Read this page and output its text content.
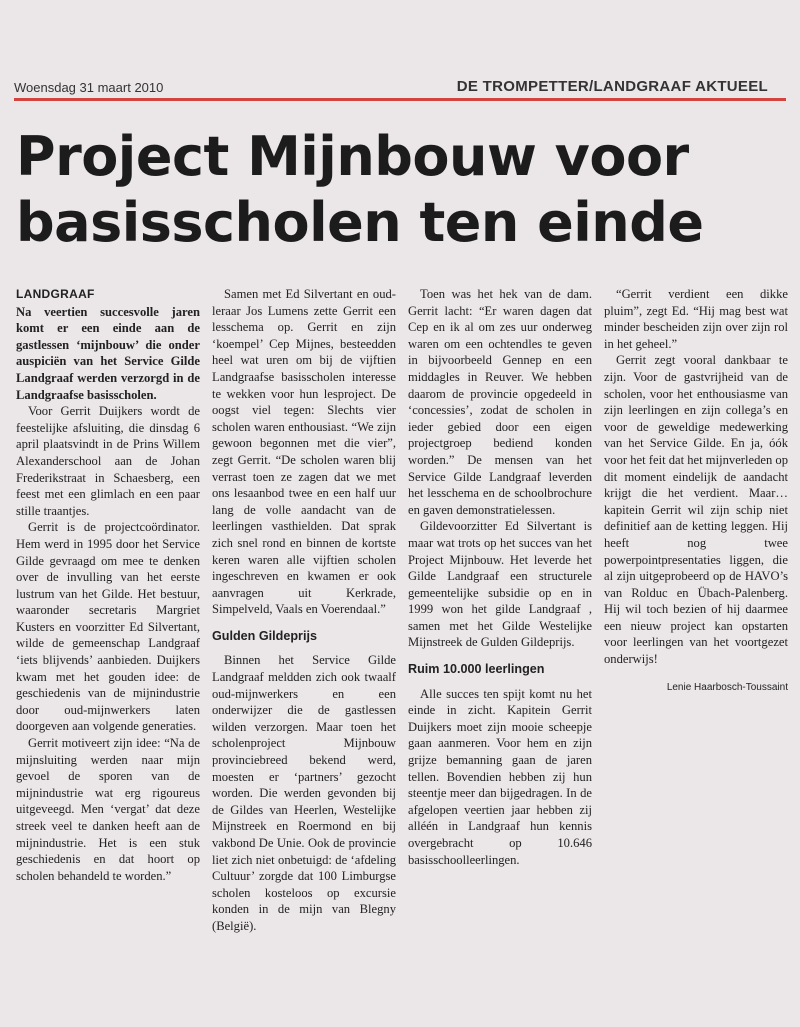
Woensdag 31 maart 2010	DE TROMPETTER/LANDGRAAF AKTUEEL
Project Mijnbouw voor basisscholen ten einde
LANDGRAAF

Na veertien succesvolle jaren komt er een einde aan de gastlessen ‘mijnbouw’ die onder auspiciën van het Service Gilde Landgraaf werden verzorgd in de Landgraafse basisscholen.

Voor Gerrit Duijkers wordt de feestelijke afsluiting, die dinsdag 6 april plaatsvindt in de Prins Willem Alexanderschool aan de Johan Frederikstraat in Schaesberg, een feest met een glimlach en een paar stille traantjes.

Gerrit is de projectcoördinator. Hem werd in 1995 door het Service Gilde gevraagd om mee te denken over de invulling van het eerste lustrum van het Gilde. Het bestuur, waaronder secretaris Margriet Kusters en voorzitter Ed Silvertant, wilde de gemeenschap Landgraaf ‘iets blijvends’ aanbieden. Duijkers kwam met het gouden idee: de geschiedenis van de mijnindustrie door oud-mijnwerkers laten doorgeven aan volgende generaties.

Gerrit motiveert zijn idee: “Na de mijnsluiting werden naar mijn gevoel de sporen van de mijnindustrie wat erg rigoureus uitgeveegd. Men ‘vergat’ dat deze streek veel te danken heeft aan de mijnindustrie. Het is een stuk geschiedenis en dat hoort op scholen behandeld te worden.”

Samen met Ed Silvertant en oud-leraar Jos Lumens zette Gerrit een lesschema op. Gerrit en zijn ‘koempel’ Cep Mijnes, besteedden heel wat uren om bij de vijftien Landgraafse basisscholen interesse te wekken voor hun lesproject. De oogst viel tegen: Slechts vier scholen waren enthousiast. “We zijn gewoon begonnen met die vier”, zegt Gerrit. “De scholen waren blij verrast toen ze zagen dat we met ons lesaanbod twee en een half uur lang de volle aandacht van de leerlingen vasthielden. Dat sprak zich snel rond en binnen de kortste keren waren alle vijftien scholen ingeschreven en kwamen er ook aanvragen uit Kerkrade, Simpelveld, Vaals en Voerendaal.”

Gulden Gildeprijs

Binnen het Service Gilde Landgraaf meldden zich ook twaalf oud-mijnwerkers en een onderwijzer die de gastlessen wilden verzorgen. Maar toen het scholenproject Mijnbouw provinciebreed bekend werd, moesten er ‘partners’ gezocht worden. Die werden gevonden bij de Gildes van Heerlen, Westelijke Mijnstreek en Roermond en bij vakbond De Unie. Ook de provincie liet zich niet onbetuigd: de ‘afdeling Cultuur’ zorgde dat 100 Limburgse scholen kosteloos op excursie konden in de mijn van Blegny (België).

Toen was het hek van de dam. Gerrit lacht: “Er waren dagen dat Cep en ik al om zes uur onderweg waren om een ochtendles te geven in bijvoorbeeld Gennep en een middagles in Reuver. We hebben daarom de provincie opgedeeld in ‘concessies’, zodat de scholen in ieder gebied door een eigen projectgroep bediend konden worden.” De mensen van het Service Gilde Landgraaf leverden het lesschema en de schoolbrochure en gaven demonstratielessen.

Gildevoorzitter Ed Silvertant is maar wat trots op het succes van het Project Mijnbouw. Het leverde het Gilde Landgraaf een structurele gemeentelijke subsidie op en in 1999 won het gilde Landgraaf , samen met het Gilde Westelijke Mijnstreek de Gulden Gildeprijs.

Ruim 10.000 leerlingen

Alle succes ten spijt komt nu het einde in zicht. Kapitein Gerrit Duijkers moet zijn mooie scheepje gaan aanmeren. Voor hem en zijn grijze bemanning gaan de jaren tellen. Bovendien hebben zij hun steentje meer dan bijgedragen. In de afgelopen veertien jaar hebben zij alléén in Landgraaf hun kennis overgebracht op 10.646 basisschoolleerlingen.

“Gerrit verdient een dikke pluim”, zegt Ed. “Hij mag best wat minder bescheiden zijn over zijn rol in het geheel.”

Gerrit zegt vooral dankbaar te zijn. Voor de gastvrijheid van de scholen, voor het enthousiasme van zijn leerlingen en zijn collega’s en voor de geweldige medewerking van het Service Gilde. En ja, óók voor het feit dat het mijnverleden op dit moment eindelijk de aandacht krijgt die het verdient. Maar… kapitein Gerrit wil zijn schip niet definitief aan de ketting leggen. Hij heeft nog twee powerpointpresentaties liggen, die al zijn uitgeprobeerd op de HAVO’s van Rolduc en Übach-Palenberg. Hij wil toch bezien of hij daarmee een nieuw project kan opstarten voor leerlingen van het voortgezet onderwijs!

Lenie Haarbosch-Toussaint
